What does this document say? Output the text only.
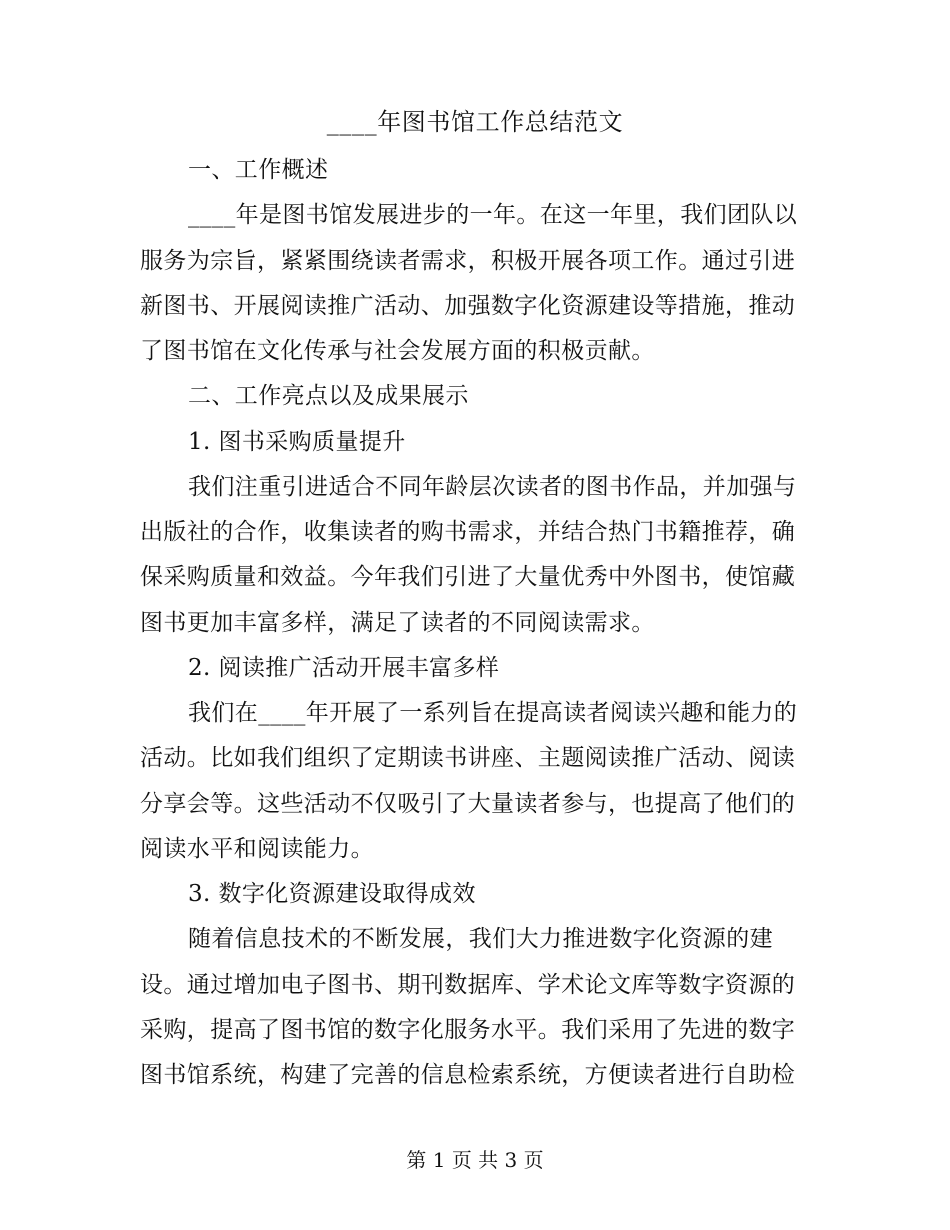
____年图书馆工作总结范文
一、工作概述
____年是图书馆发展进步的一年。在这一年里，我们团队以
服务为宗旨，紧紧围绕读者需求，积极开展各项工作。通过引进
新图书、开展阅读推广活动、加强数字化资源建设等措施，推动
了图书馆在文化传承与社会发展方面的积极贡献。
二、工作亮点以及成果展示
1. 图书采购质量提升
我们注重引进适合不同年龄层次读者的图书作品，并加强与
出版社的合作，收集读者的购书需求，并结合热门书籍推荐，确
保采购质量和效益。今年我们引进了大量优秀中外图书，使馆藏
图书更加丰富多样，满足了读者的不同阅读需求。
2. 阅读推广活动开展丰富多样
我们在____年开展了一系列旨在提高读者阅读兴趣和能力的
活动。比如我们组织了定期读书讲座、主题阅读推广活动、阅读
分享会等。这些活动不仅吸引了大量读者参与，也提高了他们的
阅读水平和阅读能力。
3. 数字化资源建设取得成效
随着信息技术的不断发展，我们大力推进数字化资源的建
设。通过增加电子图书、期刊数据库、学术论文库等数字资源的
采购，提高了图书馆的数字化服务水平。我们采用了先进的数字
图书馆系统，构建了完善的信息检索系统，方便读者进行自助检
第 1 页 共 3 页
